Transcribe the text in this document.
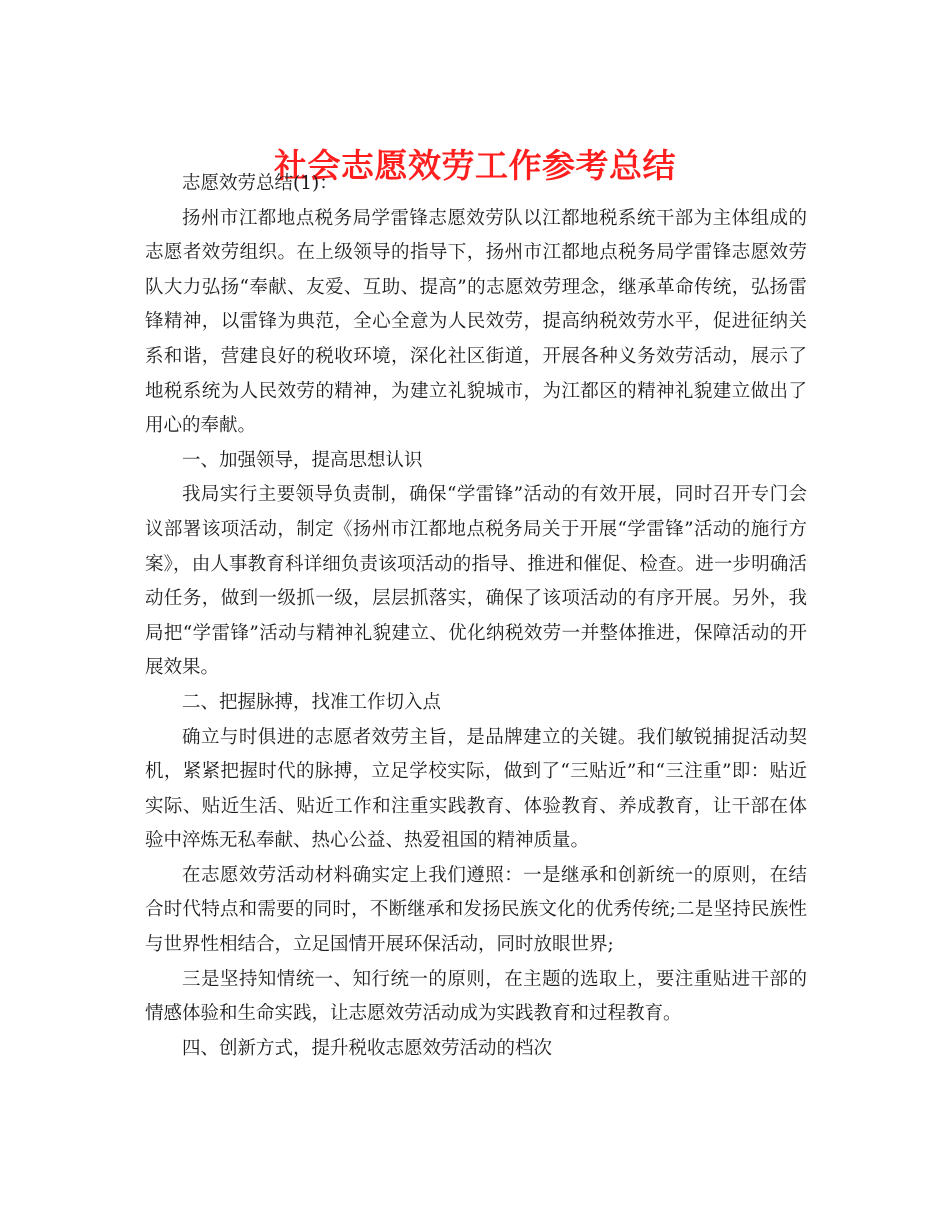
社会志愿效劳工作参考总结

志愿效劳总结(1)：

扬州市江都地点税务局学雷锋志愿效劳队以江都地税系统干部为主体组成的志愿者效劳组织。在上级领导的指导下，扬州市江都地点税务局学雷锋志愿效劳队大力弘扬“奉献、友爱、互助、提高”的志愿效劳理念，继承革命传统，弘扬雷锋精神，以雷锋为典范，全心全意为人民效劳，提高纳税效劳水平，促进征纳关系和谐，营建良好的税收环境，深化社区街道，开展各种义务效劳活动，展示了地税系统为人民效劳的精神，为建立礼貌城市，为江都区的精神礼貌建立做出了用心的奉献。

一、加强领导，提高思想认识

我局实行主要领导负责制，确保“学雷锋”活动的有效开展，同时召开专门会议部署该项活动，制定《扬州市江都地点税务局关于开展“学雷锋”活动的施行方案》，由人事教育科详细负责该项活动的指导、推进和催促、检查。进一步明确活动任务，做到一级抓一级，层层抓落实，确保了该项活动的有序开展。另外，我局把“学雷锋”活动与精神礼貌建立、优化纳税效劳一并整体推进，保障活动的开展效果。

二、把握脉搏，找准工作切入点

确立与时俱进的志愿者效劳主旨，是品牌建立的关键。我们敏锐捕捉活动契机，紧紧把握时代的脉搏，立足学校实际，做到了“三贴近”和“三注重”即：贴近实际、贴近生活、贴近工作和注重实践教育、体验教育、养成教育，让干部在体验中淬炼无私奉献、热心公益、热爱祖国的精神质量。

在志愿效劳活动材料确实定上我们遵照：一是继承和创新统一的原则，在结合时代特点和需要的同时，不断继承和发扬民族文化的优秀传统;二是坚持民族性与世界性相结合，立足国情开展环保活动，同时放眼世界;

三是坚持知情统一、知行统一的原则，在主题的选取上，要注重贴进干部的情感体验和生命实践，让志愿效劳活动成为实践教育和过程教育。

四、创新方式，提升税收志愿效劳活动的档次
